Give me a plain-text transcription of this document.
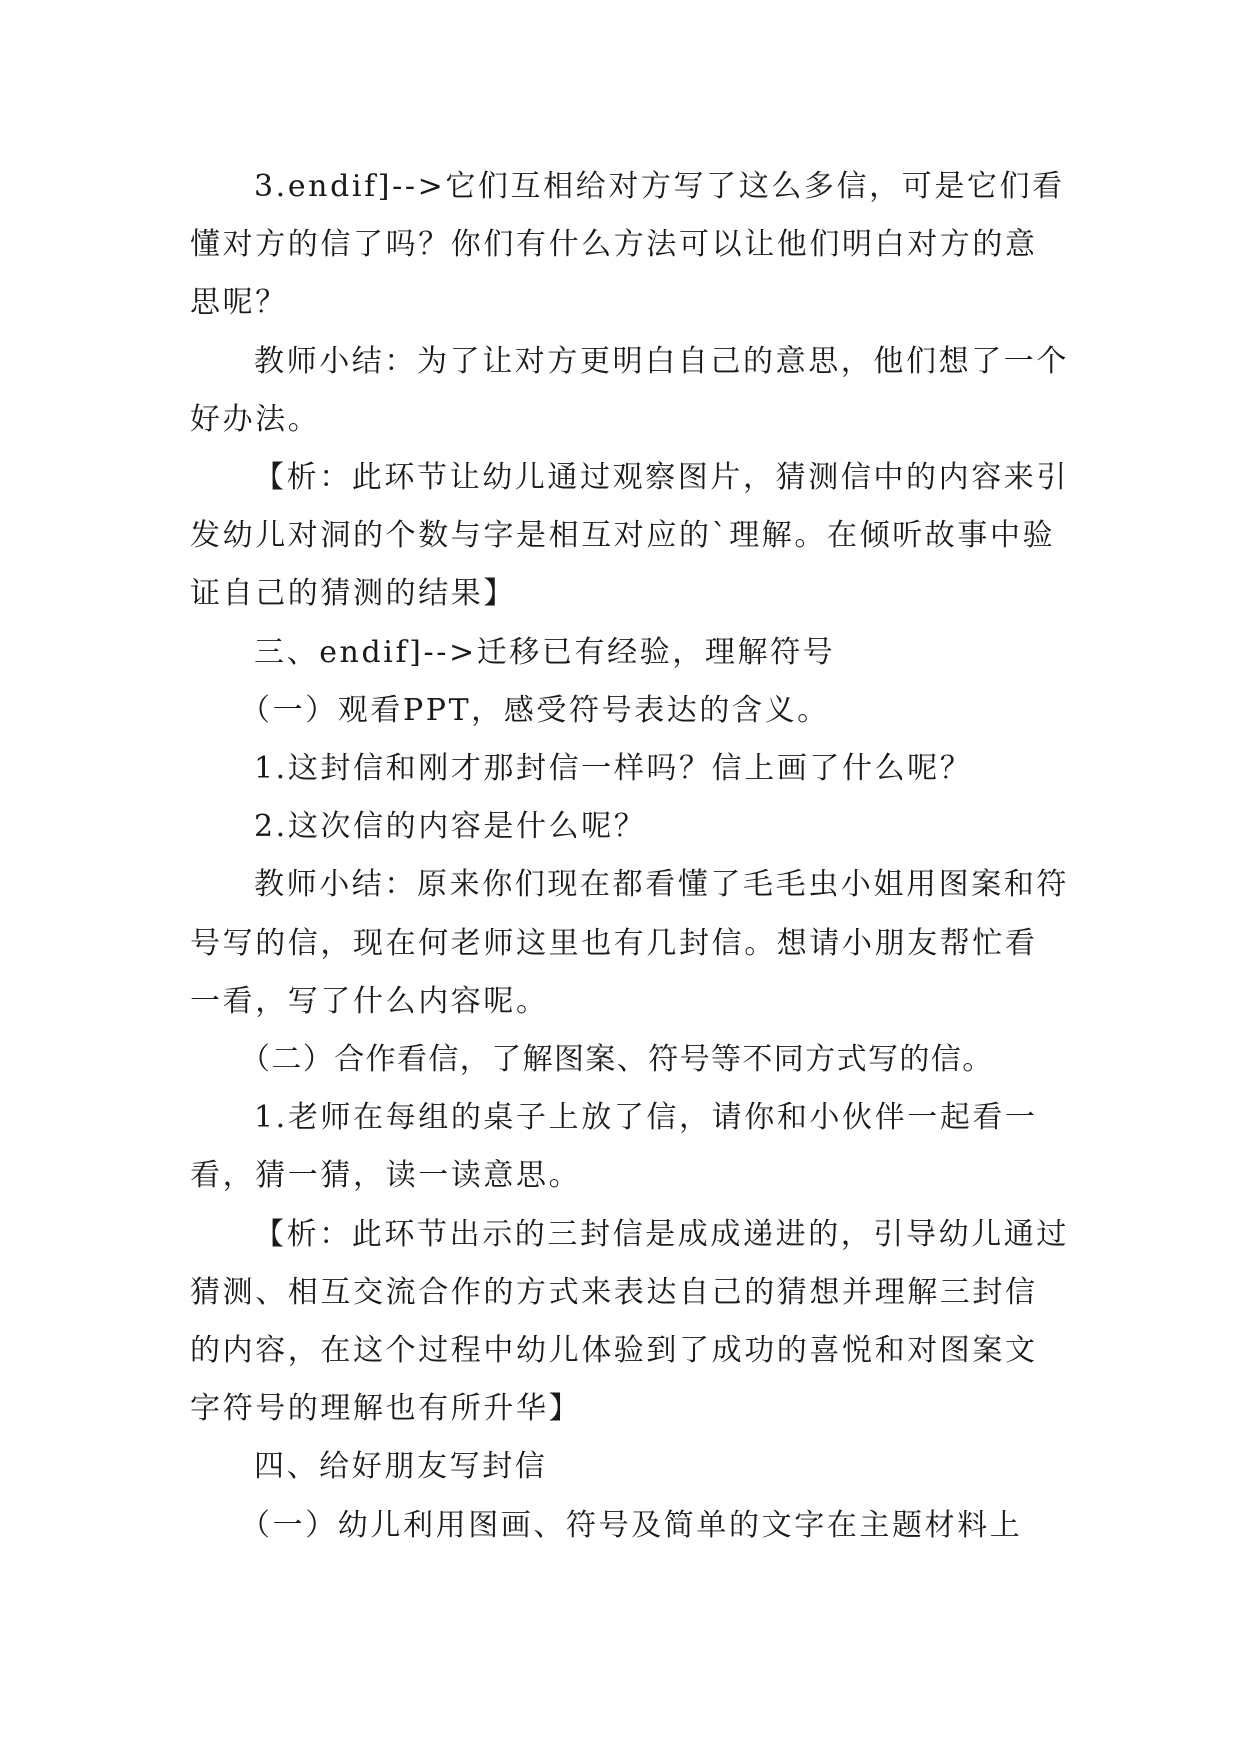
3.endif]-->它们互相给对方写了这么多信，可是它们看懂对方的信了吗？你们有什么方法可以让他们明白对方的意思呢？

教师小结：为了让对方更明白自己的意思，他们想了一个好办法。

【析：此环节让幼儿通过观察图片，猜测信中的内容来引发幼儿对洞的个数与字是相互对应的`理解。在倾听故事中验证自己的猜测的结果】

三、endif]-->迁移已有经验，理解符号

（一）观看PPT，感受符号表达的含义。

1.这封信和刚才那封信一样吗？信上画了什么呢？

2.这次信的内容是什么呢？

教师小结：原来你们现在都看懂了毛毛虫小姐用图案和符号写的信，现在何老师这里也有几封信。想请小朋友帮忙看一看，写了什么内容呢。

（二）合作看信，了解图案、符号等不同方式写的信。

1.老师在每组的桌子上放了信，请你和小伙伴一起看一看，猜一猜，读一读意思。

【析：此环节出示的三封信是成成递进的，引导幼儿通过猜测、相互交流合作的方式来表达自己的猜想并理解三封信的内容，在这个过程中幼儿体验到了成功的喜悦和对图案文字符号的理解也有所升华】

四、给好朋友写封信

（一）幼儿利用图画、符号及简单的文字在主题材料上
